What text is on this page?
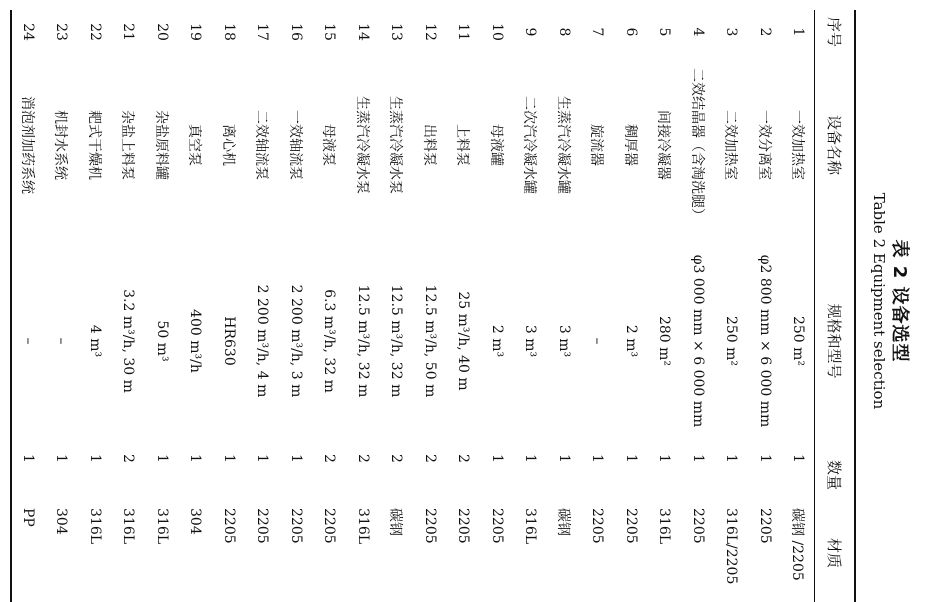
表 2 设备选型
Table 2 Equipment selection
序号	设备名称	规格和型号	数量	材质
1	一效加热室	250 m²	1	碳钢 /2205
2	一效分离室	φ2 800 mm × 6 000 mm	1	2205
3	二效加热室	250 m²	1	316L/2205
4	二效结晶器（含淘洗腿）	φ3 000 mm × 6 000 mm	1	2205
5	间接冷凝器	280 m²	1	316L
6	稠厚器	2 m³	1	2205
7	旋流器	–	1	2205
8	生蒸汽冷凝水罐	3 m³	1	碳钢
9	二次汽冷凝水罐	3 m³	1	316L
10	母液罐	2 m³	1	2205
11	上料泵	25 m³/h, 40 m	2	2205
12	出料泵	12.5 m³/h, 50 m	2	2205
13	生蒸汽冷凝水泵	12.5 m³/h, 32 m	2	碳钢
14	生蒸汽冷凝水泵	12.5 m³/h, 32 m	2	316L
15	母液泵	6.3 m³/h, 32 m	2	2205
16	一效轴流泵	2 200 m³/h, 3 m	1	2205
17	二效轴流泵	2 200 m³/h, 4 m	1	2205
18	离心机	HR630	1	2205
19	真空泵	400 m³/h	1	304
20	杂盐原料罐	50 m³	1	316L
21	杂盐上料泵	3.2 m³/h, 30 m	2	316L
22	耙式干燥机	4 m³	1	316L
23	机封水系统	–	1	304
24	消泡剂加药系统	–	1	PP
